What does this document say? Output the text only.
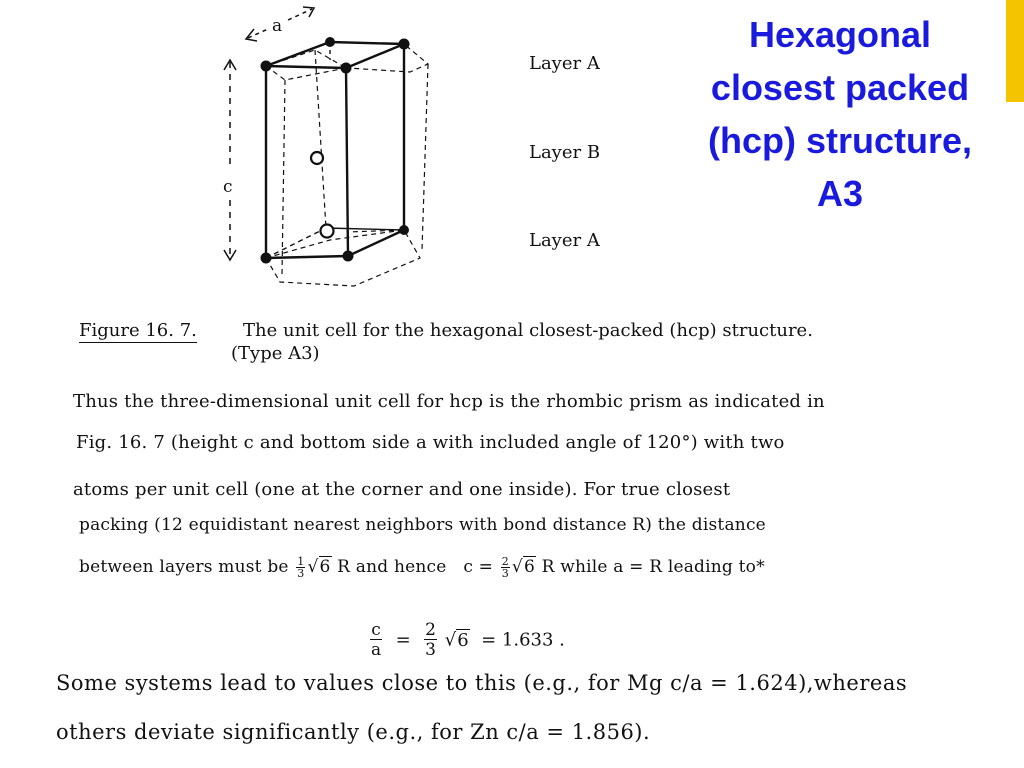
Hexagonal
closest packed
(hcp) structure,
A3
a
c
Layer A
Layer B
Layer A
Figure 16. 7.	The unit cell for the hexagonal closest-packed (hcp) structure.
(Type A3)
Thus the three-dimensional unit cell for hcp is the rhombic prism as indicated in
Fig. 16. 7 (height c and bottom side a with included angle of 120°) with two
atoms per unit cell (one at the corner and one inside). For true closest
packing (12 equidistant nearest neighbors with bond distance R) the distance
between layers must be $\frac{1}{3} √6$ R and hence $c = \frac{2}{3} √6$ R while a = R leading to*
$\frac{c}{a} = \frac{2}{3} √6 = 1.633$ .
Some systems lead to values close to this (e.g., for Mg c/a = 1.624),whereas
others deviate significantly (e.g., for Zn c/a = 1.856).
